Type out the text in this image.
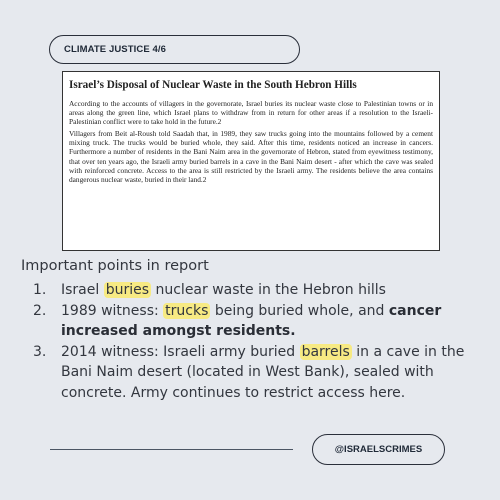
CLIMATE JUSTICE 4/6
Israel’s Disposal of Nuclear Waste in the South Hebron Hills

According to the accounts of villagers in the governorate, Israel buries its nuclear waste close to Palestinian towns or in areas along the green line, which Israel plans to withdraw from in return for other areas if a resolution to the Israeli-Palestinian conflict were to take hold in the future.2

Villagers from Beit al-Roush told Saadah that, in 1989, they saw trucks going into the mountains followed by a cement mixing truck. The trucks would be buried whole, they said. After this time, residents noticed an increase in cancers. Furthermore a number of residents in the Bani Naim area in the governorate of Hebron, stated from eyewitness testimony, that over ten years ago, the Israeli army buried barrels in a cave in the Bani Naim desert - after which the cave was sealed with reinforced concrete. Access to the area is still restricted by the Israeli army. The residents believe the area contains dangerous nuclear waste, buried in their land.2

Important points in report
1.	Israel buries nuclear waste in the Hebron hills
2.	1989 witness: trucks being buried whole, and cancer increased amongst residents.
3.	2014 witness: Israeli army buried barrels in a cave in the Bani Naim desert (located in West Bank), sealed with concrete. Army continues to restrict access here.
@ISRAELSCRIMES
